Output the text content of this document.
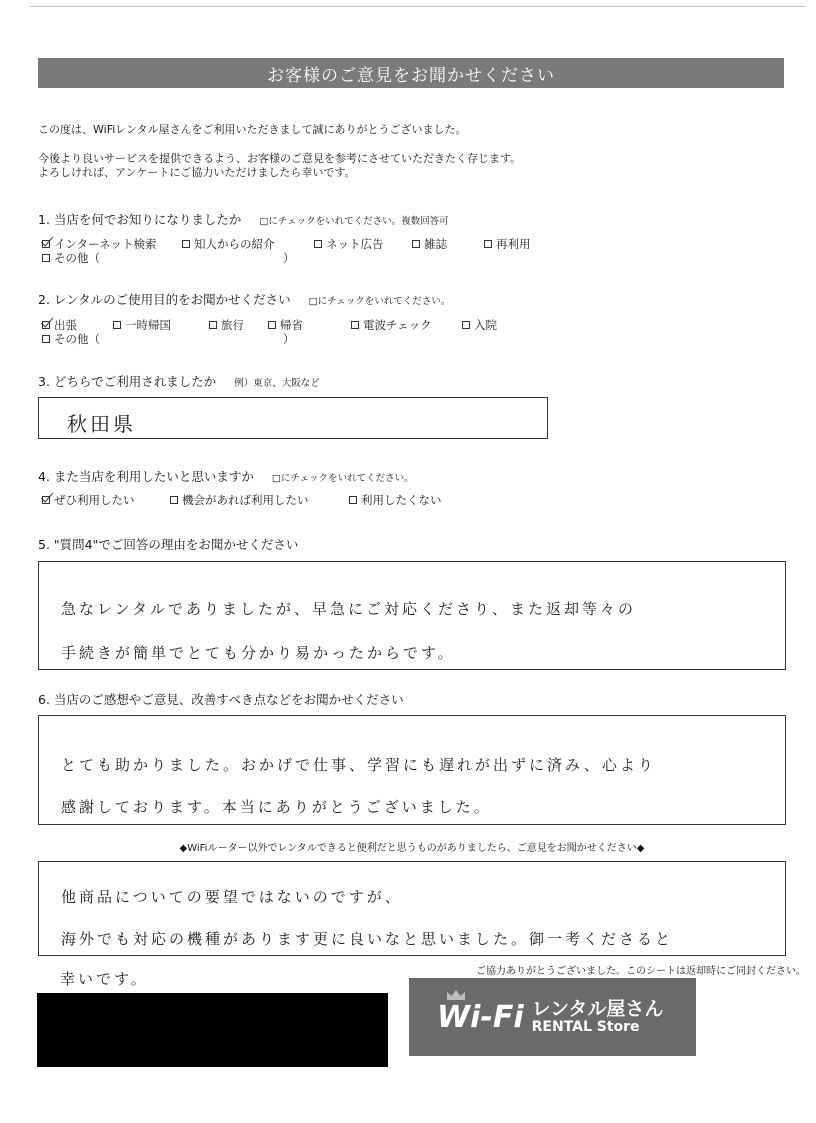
お客様のご意見をお聞かせください
この度は、WiFiレンタル屋さんをご利用いただきまして誠にありがとうございました。
今後より良いサービスを提供できるよう、お客様のご意見を参考にさせていただきたく存じます。
よろしければ、アンケートにご協力いただけましたら幸いです。
1. 当店を何でお知りになりましたか □にチェックをいれてください。複数回答可
インターネット検索	知人からの紹介	ネット広告	雑誌	再利用
その他（	）
2. レンタルのご使用目的をお聞かせください □にチェックをいれてください。
出張	一時帰国	旅行	帰省	電波チェック	入院
その他（	）
3. どちらでご利用されましたか 例）東京、大阪など
秋田県
4. また当店を利用したいと思いますか □にチェックをいれてください。
ぜひ利用したい	機会があれば利用したい	利用したくない
5. "質問4"でご回答の理由をお聞かせください
急なレンタルでありましたが、早急にご対応くださり、また返却等々の
手続きが簡単でとても分かり易かったからです。
6. 当店のご感想やご意見、改善すべき点などをお聞かせください
とても助かりました。おかげで仕事、学習にも遅れが出ずに済み、心より
感謝しております。本当にありがとうございました。
◆WiFiルーター以外でレンタルできると便利だと思うものがありましたら、ご意見をお聞かせください◆
他商品についての要望ではないのですが、
海外でも対応の機種があります更に良いなと思いました。御一考くださると
幸いです。	ご協力ありがとうございました。このシートは返却時にご同封ください。
Wi-Fi レンタル屋さん
RENTAL Store
